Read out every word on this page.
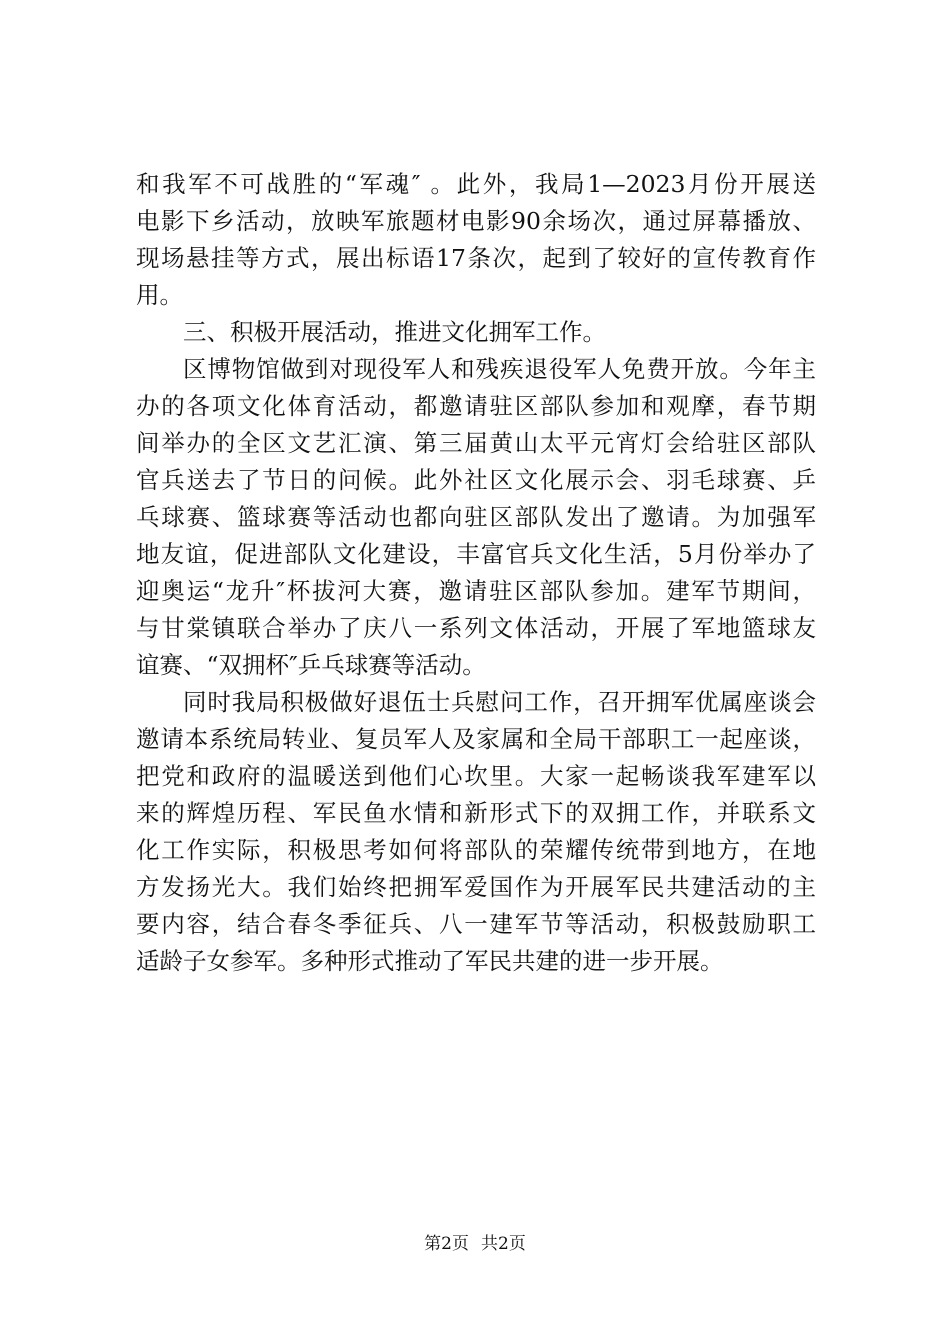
和我军不可战胜的“军魂″ 。此外，我局1—2023月份开展送
电影下乡活动，放映军旅题材电影90余场次，通过屏幕播放、
现场悬挂等方式，展出标语17条次，起到了较好的宣传教育作
用。
三、积极开展活动，推进文化拥军工作。
区博物馆做到对现役军人和残疾退役军人免费开放。今年主
办的各项文化体育活动，都邀请驻区部队参加和观摩，春节期
间举办的全区文艺汇演、第三届黄山太平元宵灯会给驻区部队
官兵送去了节日的问候。此外社区文化展示会、羽毛球赛、乒
乓球赛、篮球赛等活动也都向驻区部队发出了邀请。为加强军
地友谊，促进部队文化建设，丰富官兵文化生活，5月份举办了
迎奥运“龙升″杯拔河大赛，邀请驻区部队参加。建军节期间，
与甘棠镇联合举办了庆八一系列文体活动，开展了军地篮球友
谊赛、“双拥杯″乒乓球赛等活动。
同时我局积极做好退伍士兵慰问工作，召开拥军优属座谈会
邀请本系统局转业、复员军人及家属和全局干部职工一起座谈，
把党和政府的温暖送到他们心坎里。大家一起畅谈我军建军以
来的辉煌历程、军民鱼水情和新形式下的双拥工作，并联系文
化工作实际，积极思考如何将部队的荣耀传统带到地方，在地
方发扬光大。我们始终把拥军爱国作为开展军民共建活动的主
要内容，结合春冬季征兵、八一建军节等活动，积极鼓励职工
适龄子女参军。多种形式推动了军民共建的进一步开展。
第2页 共2页
